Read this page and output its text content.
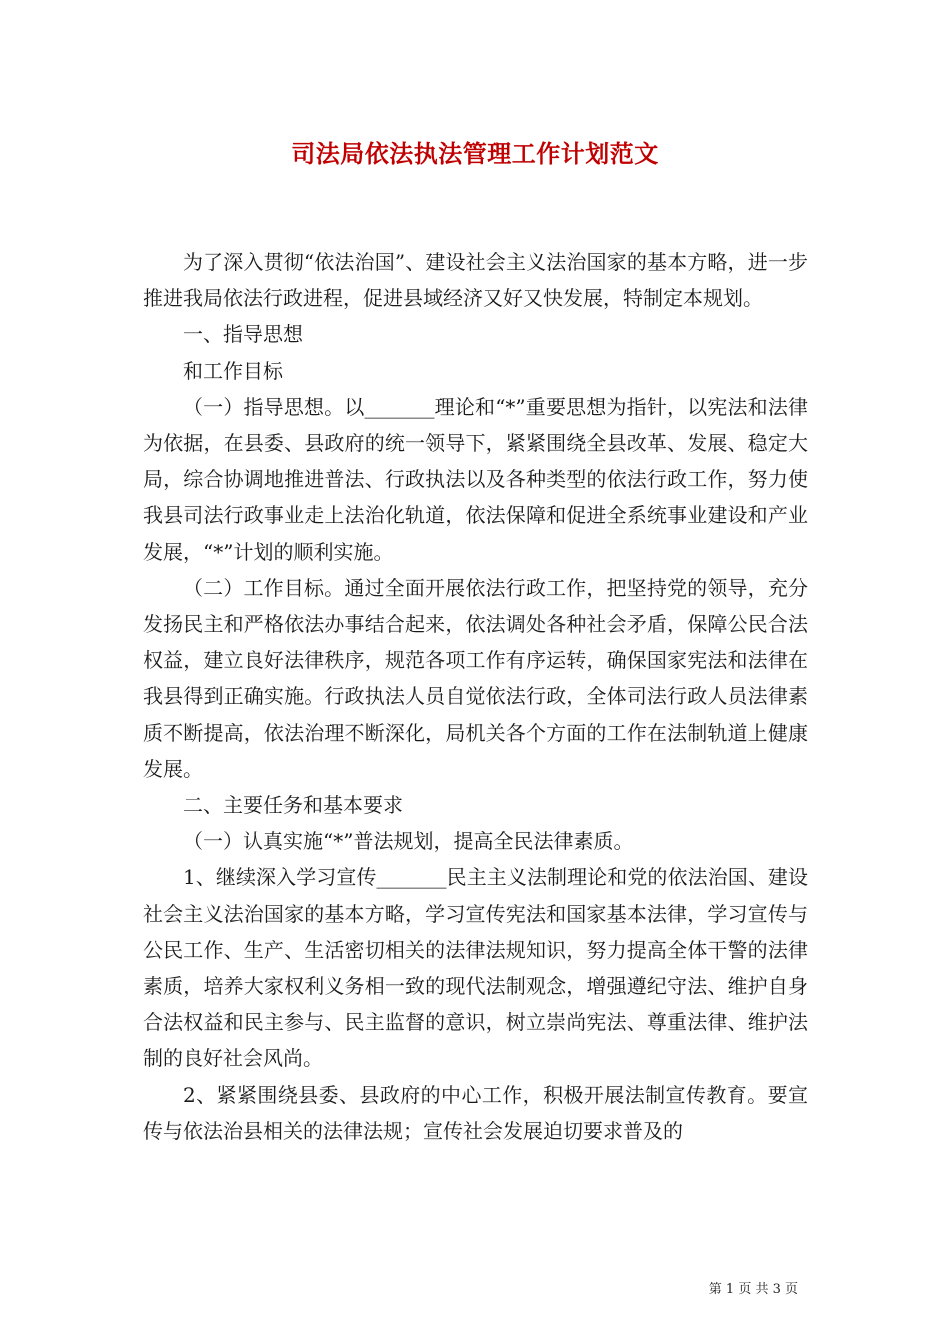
司法局依法执法管理工作计划范文

为了深入贯彻“依法治国”、建设社会主义法治国家的基本方略，进一步推进我局依法行政进程，促进县域经济又好又快发展，特制定本规划。

一、指导思想

和工作目标

（一）指导思想。以_______理论和“*”重要思想为指针，以宪法和法律为依据，在县委、县政府的统一领导下，紧紧围绕全县改革、发展、稳定大局，综合协调地推进普法、行政执法以及各种类型的依法行政工作，努力使我县司法行政事业走上法治化轨道，依法保障和促进全系统事业建设和产业发展，“*”计划的顺利实施。

（二）工作目标。通过全面开展依法行政工作，把坚持党的领导，充分发扬民主和严格依法办事结合起来，依法调处各种社会矛盾，保障公民合法权益，建立良好法律秩序，规范各项工作有序运转，确保国家宪法和法律在我县得到正确实施。行政执法人员自觉依法行政，全体司法行政人员法律素质不断提高，依法治理不断深化，局机关各个方面的工作在法制轨道上健康发展。

二、主要任务和基本要求

（一）认真实施“*”普法规划，提高全民法律素质。

1、继续深入学习宣传_______民主主义法制理论和党的依法治国、建设社会主义法治国家的基本方略，学习宣传宪法和国家基本法律，学习宣传与公民工作、生产、生活密切相关的法律法规知识，努力提高全体干警的法律素质，培养大家权利义务相一致的现代法制观念，增强遵纪守法、维护自身合法权益和民主参与、民主监督的意识，树立崇尚宪法、尊重法律、维护法制的良好社会风尚。

2、紧紧围绕县委、县政府的中心工作，积极开展法制宣传教育。要宣传与依法治县相关的法律法规；宣传社会发展迫切要求普及的

第 1 页 共 3 页
